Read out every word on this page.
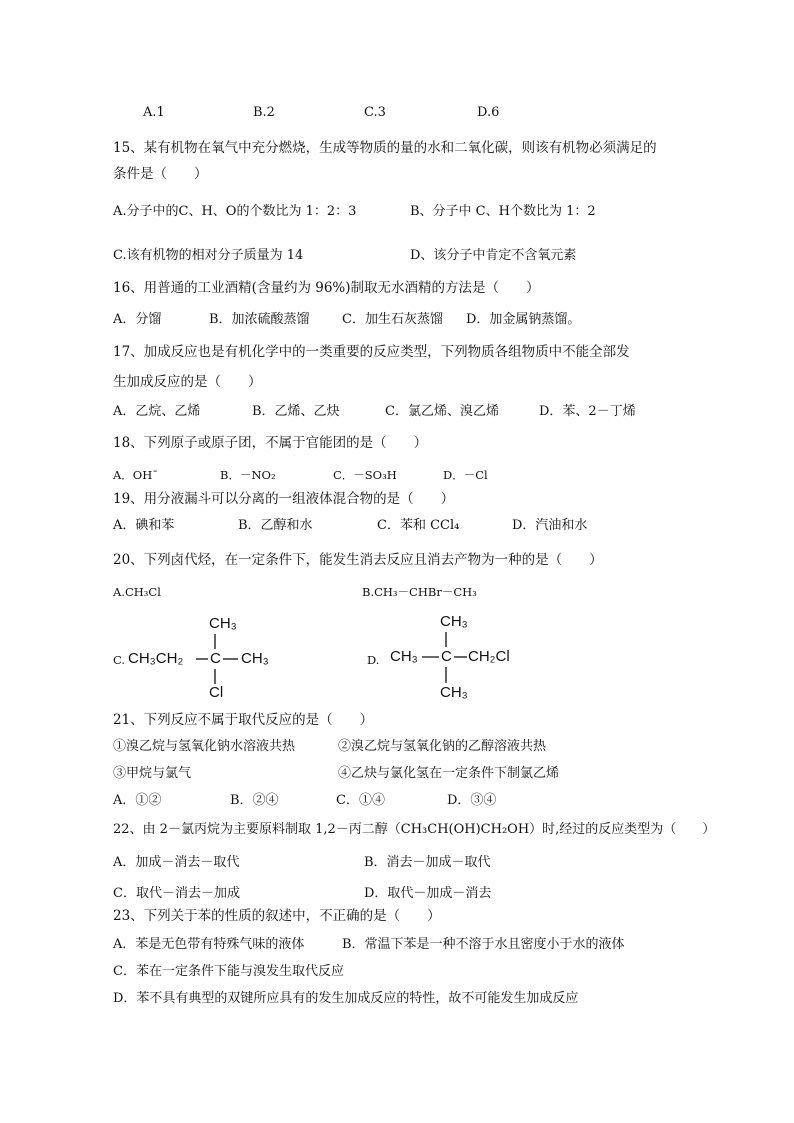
A.1	B.2	C.3	D.6
15、某有机物在氧气中充分燃烧，生成等物质的量的水和二氧化碳，则该有机物必须满足的
条件是（　　）
A.分子中的C、H、O的个数比为 1：2：3	B、分子中 C、H个数比为 1：2
C.该有机物的相对分子质量为 14	D、该分子中肯定不含氧元素
16、用普通的工业酒精(含量约为 96%)制取无水酒精的方法是（　　）
A．分馏	B．加浓硫酸蒸馏 C．加生石灰蒸馏 D．加金属钠蒸馏。
17、加成反应也是有机化学中的一类重要的反应类型，下列物质各组物质中不能全部发
生加成反应的是（　　）
A．乙烷、乙烯	B．乙烯、乙炔	C．氯乙烯、溴乙烯	D．苯、2－丁烯
18、下列原子或原子团，不属于官能团的是（　　）
A．OH¯	B．－NO₂	C．－SO₃H	D．－Cl
19、用分液漏斗可以分离的一组液体混合物的是（　　）
A．碘和苯	B．乙醇和水	C．苯和 CCl₄	D．汽油和水
20、下列卤代烃，在一定条件下，能发生消去反应且消去产物为一种的是（　　）
A.CH₃Cl	B.CH₃－CHBr－CH₃
C.
CH₃
CH₃CH₂ C CH₃
Cl
D.
CH₃
CH₃ C CH₂Cl
CH₃
21、下列反应不属于取代反应的是（　　）
①溴乙烷与氢氧化钠水溶液共热	②溴乙烷与氢氧化钠的乙醇溶液共热
③甲烷与氯气	④乙炔与氯化氢在一定条件下制氯乙烯
A．①②	B．②④	C．①④	D．③④
22、由 2－氯丙烷为主要原料制取 1,2－丙二醇（CH₃CH(OH)CH₂OH）时,经过的反应类型为（　　）
A．加成－消去－取代	B．消去－加成－取代
C．取代－消去－加成	D．取代－加成－消去
23、下列关于苯的性质的叙述中，不正确的是（　　）
A．苯是无色带有特殊气味的液体	B．常温下苯是一种不溶于水且密度小于水的液体
C．苯在一定条件下能与溴发生取代反应
D．苯不具有典型的双键所应具有的发生加成反应的特性，故不可能发生加成反应
